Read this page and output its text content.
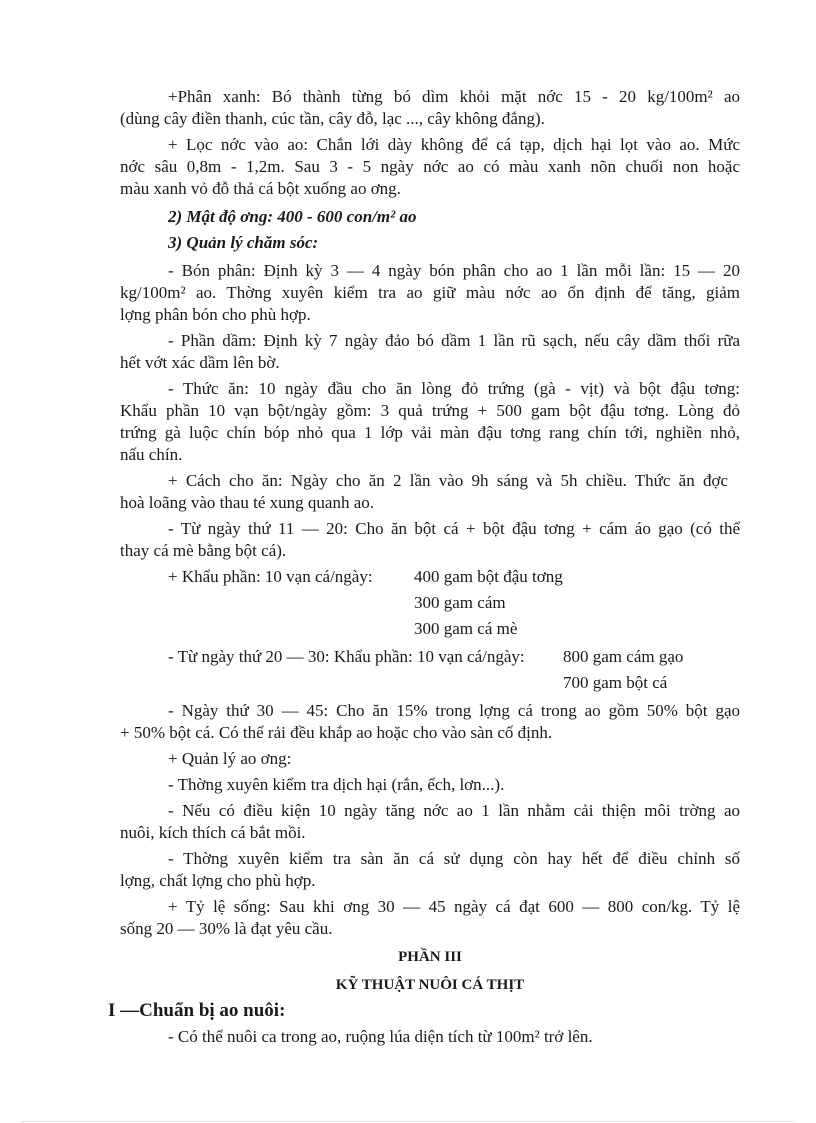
+Phân xanh: Bó thành từng bó dìm khỏi mặt nớc 15 - 20 kg/100m² ao
(dùng cây điền thanh, cúc tần, cây đỗ, lạc ..., cây không đắng).
+ Lọc nớc vào ao: Chắn lới dày không để cá tạp, dịch hại lọt vào ao. Mức
nớc sâu 0,8m - 1,2m. Sau 3 - 5 ngày nớc ao có màu xanh nõn chuối non hoặc
màu xanh vỏ đỗ thả cá bột xuống ao ơng.
2) Mật độ ơng: 400 - 600 con/m² ao
3) Quản lý chăm sóc:
- Bón phân: Định kỳ 3 — 4 ngày bón phân cho ao 1 lần mỗi lần: 15 — 20
kg/100m² ao. Thờng xuyên kiểm tra ao giữ màu nớc ao ổn định để tăng, giảm
lợng phân bón cho phù hợp.
- Phần dầm: Định kỳ 7 ngày đảo bó dầm 1 lần rũ sạch, nếu cây dầm thối rữa
hết vớt xác dầm lên bờ.
- Thức ăn: 10 ngày đầu cho ăn lòng đỏ trứng (gà - vịt) và bột đậu tơng:
Khẩu phần 10 vạn bột/ngày gồm: 3 quả trứng + 500 gam bột đậu tơng. Lòng đỏ
trứng gà luộc chín bóp nhỏ qua 1 lớp vải màn đậu tơng rang chín tới, nghiền nhỏ,
nấu chín.
+ Cách cho ăn: Ngày cho ăn 2 lần vào 9h sáng và 5h chiều. Thức ăn đợc
hoà loãng vào thau té xung quanh ao.
- Từ ngày thứ 11 — 20: Cho ăn bột cá + bột đậu tơng + cám áo gạo (có thể
thay cá mè bằng bột cá).
+ Khẩu phần: 10 vạn cá/ngày:	400 gam bột đậu tơng
300 gam cám
300 gam cá mè
- Từ ngày thứ 20 — 30: Khẩu phần: 10 vạn cá/ngày:	800 gam cám gạo
700 gam bột cá
- Ngày thứ 30 — 45: Cho ăn 15% trong lợng cá trong ao gồm 50% bột gạo
+ 50% bột cá. Có thể rải đều khắp ao hoặc cho vào sàn cố định.
+ Quản lý ao ơng:
- Thờng xuyên kiểm tra dịch hại (rắn, ếch, lơn...).
- Nếu có điều kiện 10 ngày tăng nớc ao 1 lần nhằm cải thiện môi trờng ao
nuôi, kích thích cá bắt mồi.
- Thờng xuyên kiểm tra sàn ăn cá sử dụng còn hay hết để điều chỉnh số
lợng, chất lợng cho phù hợp.
+ Tỷ lệ sống: Sau khi ơng 30 — 45 ngày cá đạt 600 — 800 con/kg. Tỷ lệ
sống 20 — 30% là đạt yêu cầu.
PHẦN III
KỸ THUẬT NUÔI CÁ THỊT
I —Chuẩn bị ao nuôi:
- Có thể nuôi ca trong ao, ruộng lúa diện tích từ 100m² trở lên.
